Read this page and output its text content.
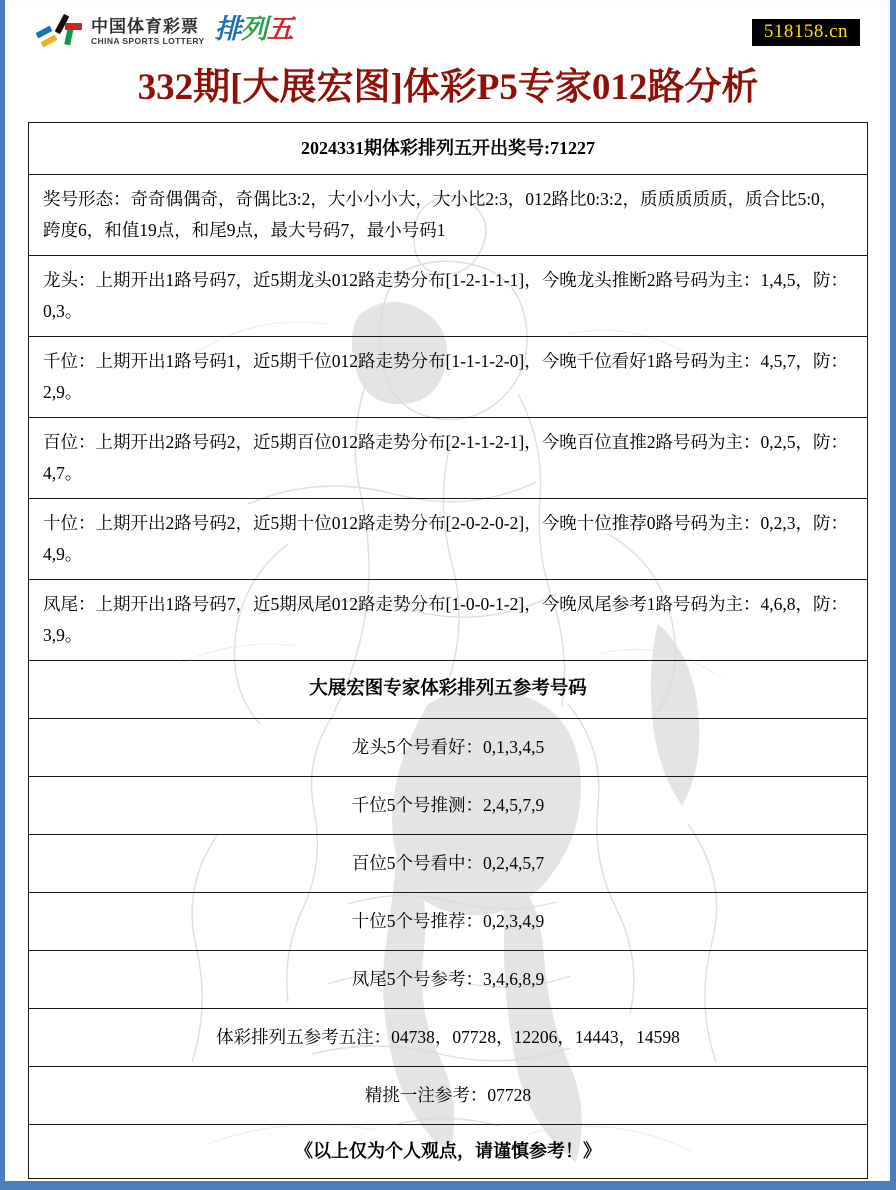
中国体育彩票
CHINA SPORTS LOTTERY 排列五	518158.cn
332期[大展宏图]体彩P5专家012路分析
2024331期体彩排列五开出奖号:71227
奖号形态：奇奇偶偶奇，奇偶比3:2，大小小小大，大小比2:3，012路比0:3:2，质质质质质，质合比5:0，跨度6，和值19点，和尾9点，最大号码7，最小号码1
龙头：上期开出1路号码7，近5期龙头012路走势分布[1-2-1-1-1]，今晚龙头推断2路号码为主：1,4,5，防：0,3。
千位：上期开出1路号码1，近5期千位012路走势分布[1-1-1-2-0]，今晚千位看好1路号码为主：4,5,7，防：2,9。
百位：上期开出2路号码2，近5期百位012路走势分布[2-1-1-2-1]，今晚百位直推2路号码为主：0,2,5，防：4,7。
十位：上期开出2路号码2，近5期十位012路走势分布[2-0-2-0-2]，今晚十位推荐0路号码为主：0,2,3，防：4,9。
凤尾：上期开出1路号码7，近5期凤尾012路走势分布[1-0-0-1-2]，今晚凤尾参考1路号码为主：4,6,8，防：3,9。
大展宏图专家体彩排列五参考号码
龙头5个号看好：0,1,3,4,5
千位5个号推测：2,4,5,7,9
百位5个号看中：0,2,4,5,7
十位5个号推荐：0,2,3,4,9
凤尾5个号参考：3,4,6,8,9
体彩排列五参考五注：04738，07728，12206，14443，14598
精挑一注参考：07728
《以上仅为个人观点，请谨慎参考！》
